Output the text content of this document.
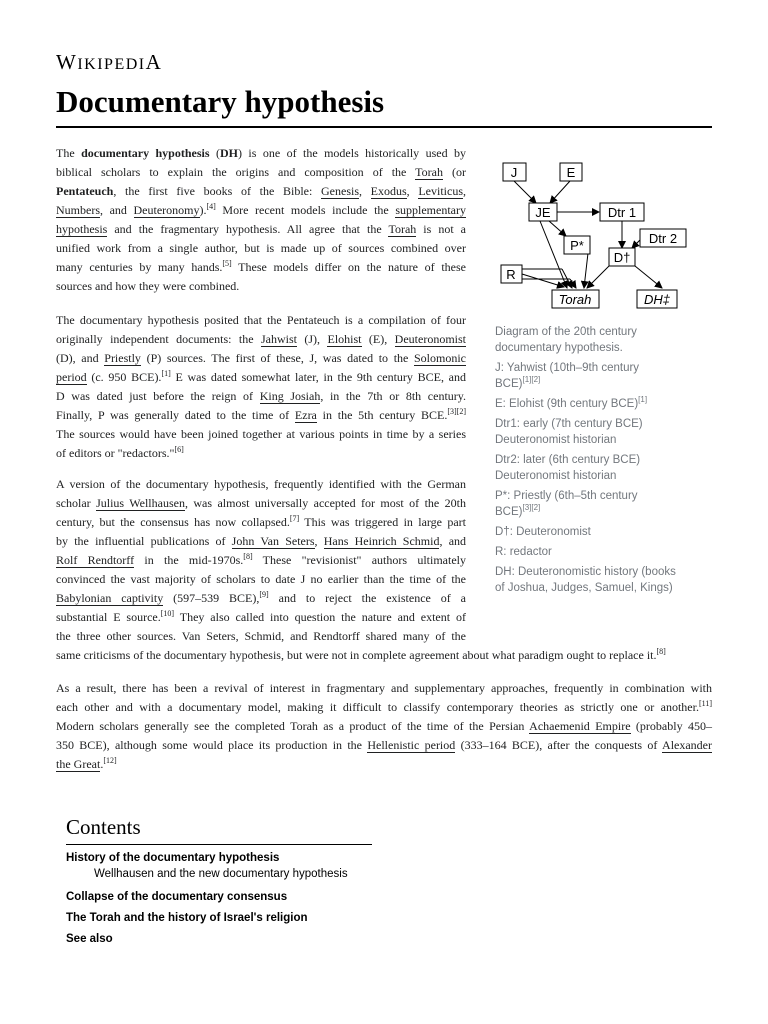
WIKIPEDIA
Documentary hypothesis
The documentary hypothesis (DH) is one of the models historically used by
biblical scholars to explain the origins and composition of the Torah (or
Pentateuch, the first five books of the Bible: Genesis, Exodus, Leviticus,
Numbers, and Deuteronomy).[4] More recent models include the supplementary
hypothesis and the fragmentary hypothesis. All agree that the Torah is not a
unified work from a single author, but is made up of sources combined over
many centuries by many hands.[5] These models differ on the nature of these
sources and how they were combined.
The documentary hypothesis posited that the Pentateuch is a compilation of four
originally independent documents: the Jahwist (J), Elohist (E), Deuteronomist
(D), and Priestly (P) sources. The first of these, J, was dated to the Solomonic
period (c. 950 BCE).[1] E was dated somewhat later, in the 9th century BCE, and
D was dated just before the reign of King Josiah, in the 7th or 8th century.
Finally, P was generally dated to the time of Ezra in the 5th century BCE.[3][2]
The sources would have been joined together at various points in time by a series
of editors or "redactors."[6]
A version of the documentary hypothesis, frequently identified with the German
scholar Julius Wellhausen, was almost universally accepted for most of the 20th
century, but the consensus has now collapsed.[7] This was triggered in large part
by the influential publications of John Van Seters, Hans Heinrich Schmid, and
Rolf Rendtorff in the mid-1970s.[8] These "revisionist" authors ultimately
convinced the vast majority of scholars to date J no earlier than the time of the
Babylonian captivity (597–539 BCE),[9] and to reject the existence of a
substantial E source.[10] They also called into question the nature and extent of
the three other sources. Van Seters, Schmid, and Rendtorff shared many of the
same criticisms of the documentary hypothesis, but were not in complete agreement about what paradigm ought to replace it.[8]
As a result, there has been a revival of interest in fragmentary and supplementary approaches, frequently in combination with
each other and with a documentary model, making it difficult to classify contemporary theories as strictly one or another.[11]
Modern scholars generally see the completed Torah as a product of the time of the Persian Achaemenid Empire (probably 450–
350 BCE), although some would place its production in the Hellenistic period (333–164 BCE), after the conquests of Alexander
the Great.[12]
J	E
JE	Dtr 1
Dtr 2
P*
D†
R
Torah	DH‡
Diagram of the 20th century
documentary hypothesis.
J: Yahwist (10th–9th century
BCE)[1][2]
E: Elohist (9th century BCE)[1]
Dtr1: early (7th century BCE)
Deuteronomist historian
Dtr2: later (6th century BCE)
Deuteronomist historian
P*: Priestly (6th–5th century
BCE)[3][2]
D†: Deuteronomist
R: redactor
DH: Deuteronomistic history (books
of Joshua, Judges, Samuel, Kings)
Contents
History of the documentary hypothesis
Wellhausen and the new documentary hypothesis
Collapse of the documentary consensus
The Torah and the history of Israel's religion
See also
